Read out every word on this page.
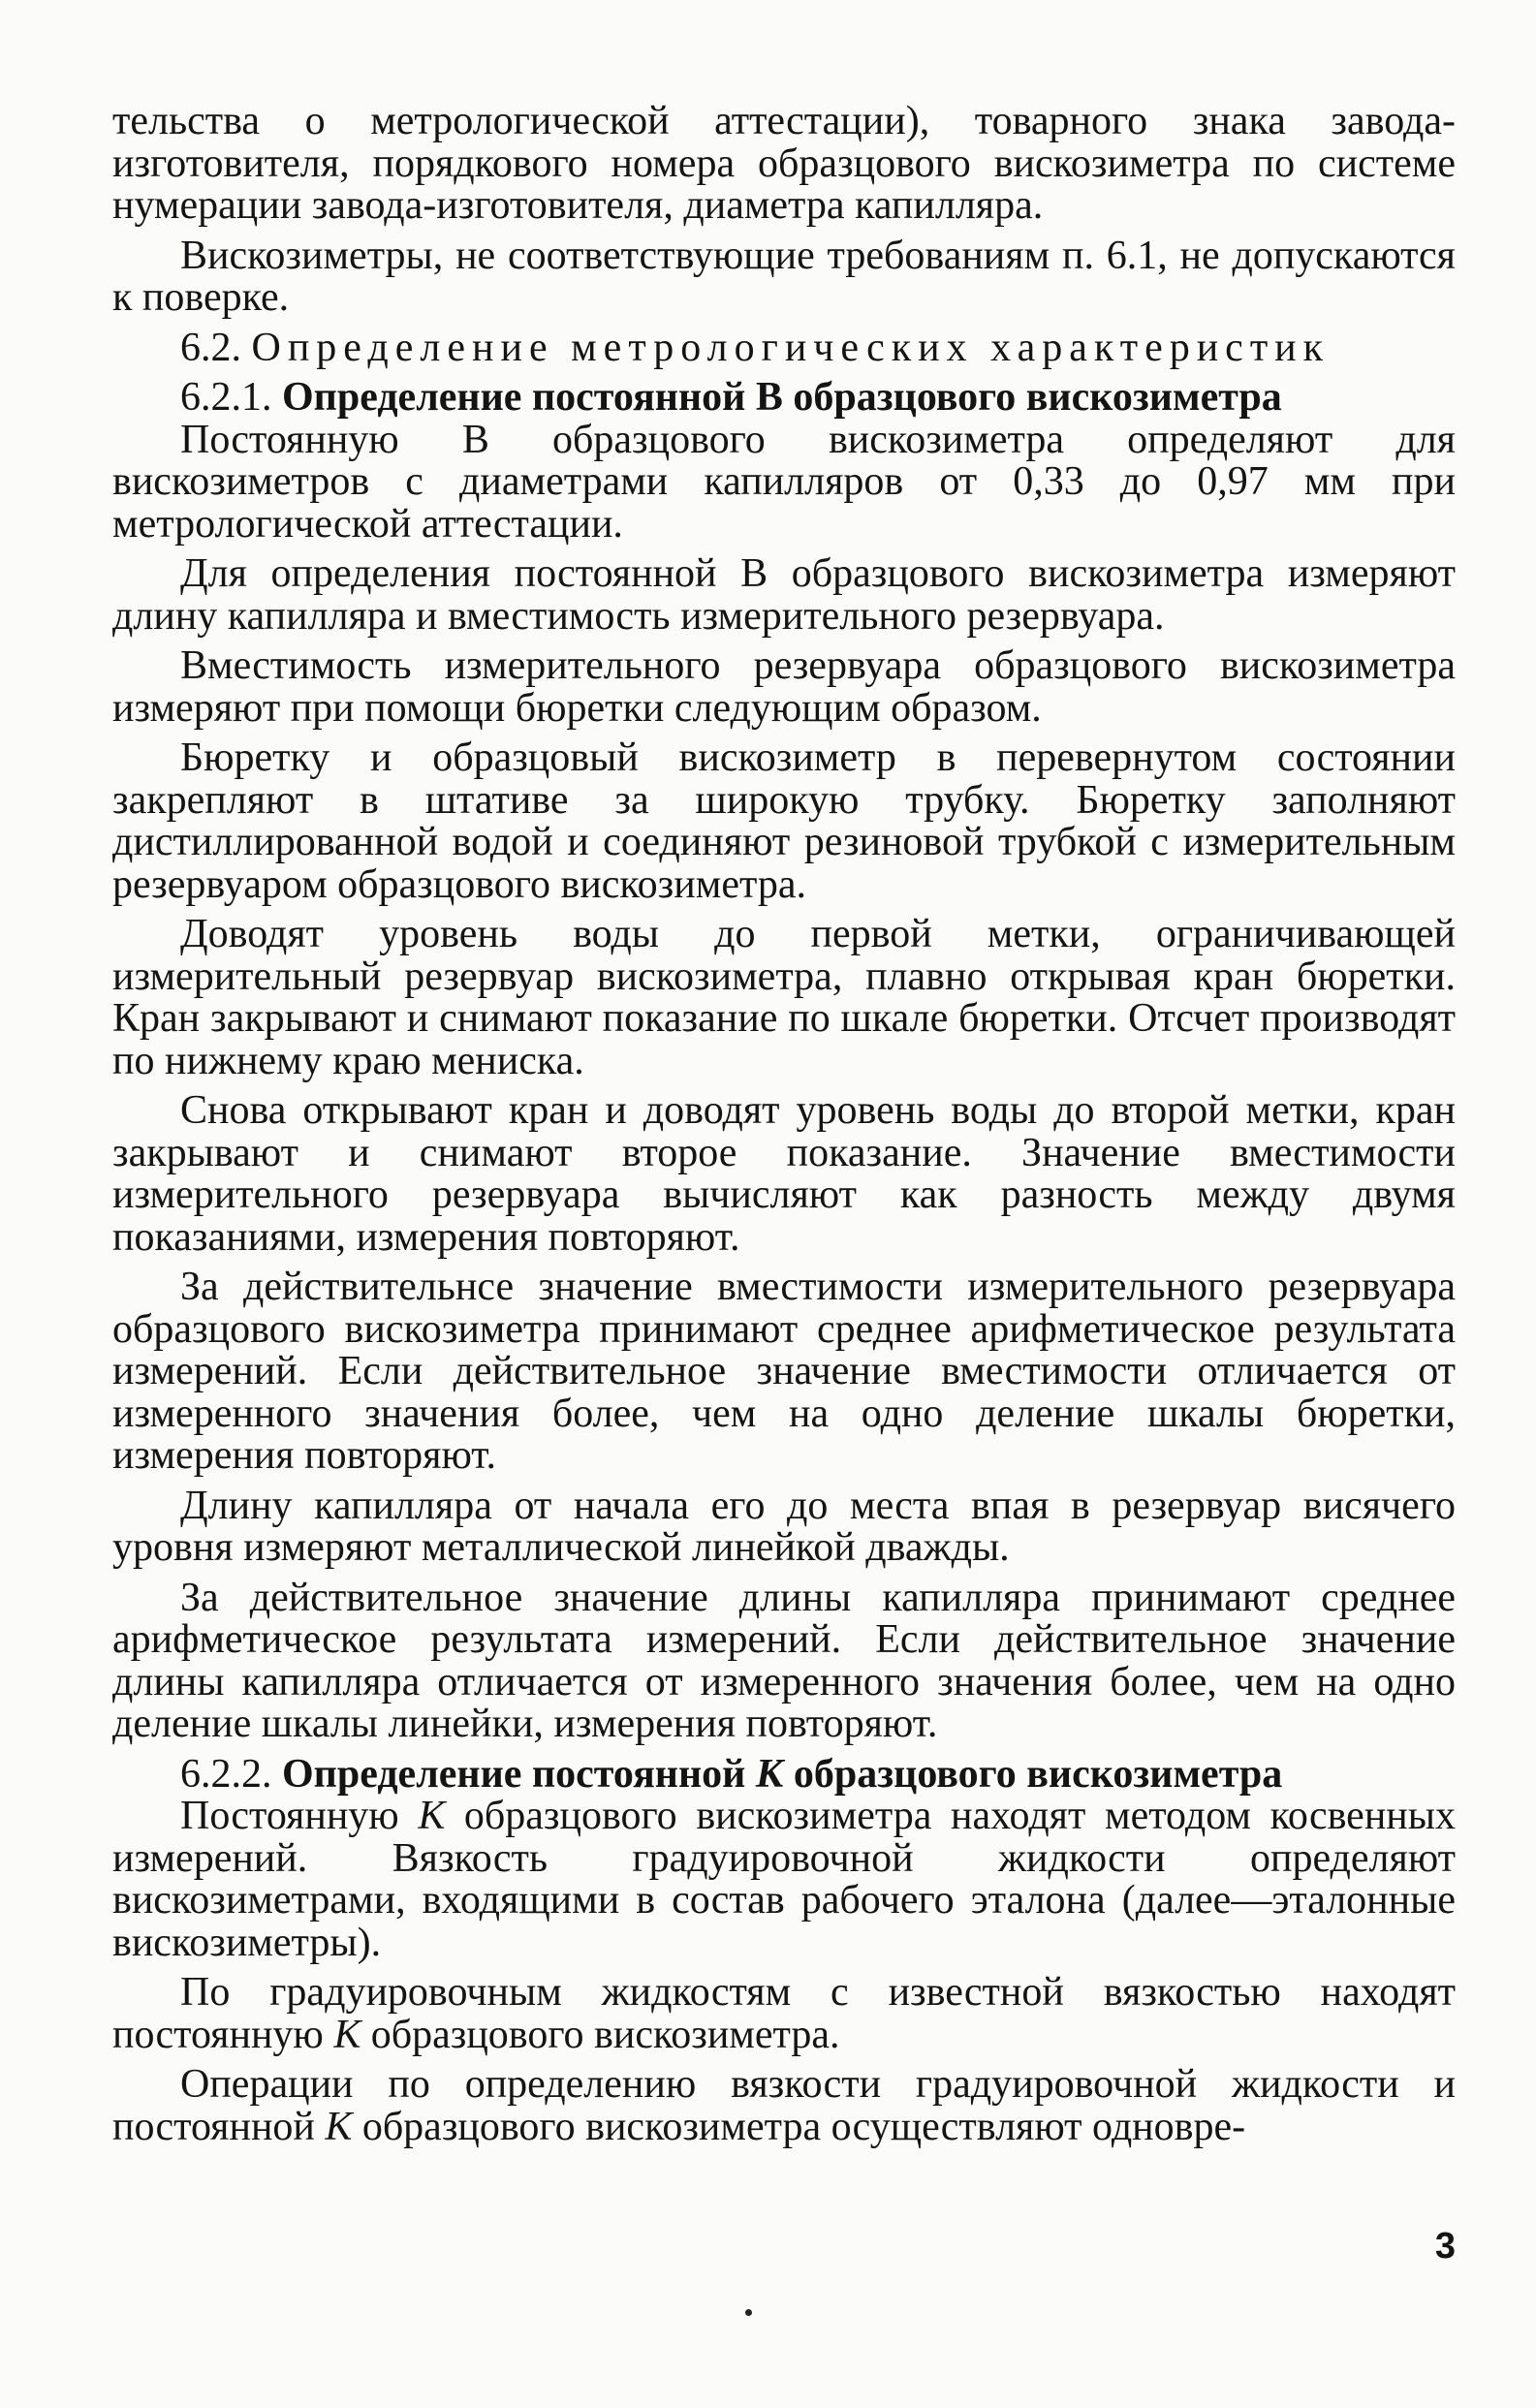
тельства о метрологической аттестации), товарного знака завода-изготовителя, порядкового номера образцового вискозиметра по системе нумерации завода-изготовителя, диаметра капилляра.

Вискозиметры, не соответствующие требованиям п. 6.1, не допускаются к поверке.

6.2. Определение метрологических характеристик

6.2.1. Определение постоянной В образцового вискозиметра

Постоянную В образцового вискозиметра определяют для вискозиметров с диаметрами капилляров от 0,33 до 0,97 мм при метрологической аттестации.

Для определения постоянной В образцового вискозиметра измеряют длину капилляра и вместимость измерительного резервуара.

Вместимость измерительного резервуара образцового вискозиметра измеряют при помощи бюретки следующим образом.

Бюретку и образцовый вискозиметр в перевернутом состоянии закрепляют в штативе за широкую трубку. Бюретку заполняют дистиллированной водой и соединяют резиновой трубкой с измерительным резервуаром образцового вискозиметра.

Доводят уровень воды до первой метки, ограничивающей измерительный резервуар вискозиметра, плавно открывая кран бюретки. Кран закрывают и снимают показание по шкале бюретки. Отсчет производят по нижнему краю мениска.

Снова открывают кран и доводят уровень воды до второй метки, кран закрывают и снимают второе показание. Значение вместимости измерительного резервуара вычисляют как разность между двумя показаниями, измерения повторяют.

За действительнсе значение вместимости измерительного резервуара образцового вискозиметра принимают среднее арифметическое результата измерений. Если действительное значение вместимости отличается от измеренного значения более, чем на одно деление шкалы бюретки, измерения повторяют.

Длину капилляра от начала его до места впая в резервуар висячего уровня измеряют металлической линейкой дважды.

За действительное значение длины капилляра принимают среднее арифметическое результата измерений. Если действительное значение длины капилляра отличается от измеренного значения более, чем на одно деление шкалы линейки, измерения повторяют.

6.2.2. Определение постоянной К образцового вискозиметра

Постоянную К образцового вискозиметра находят методом косвенных измерений. Вязкость градуировочной жидкости определяют вискозиметрами, входящими в состав рабочего эталона (далее—эталонные вискозиметры).

По градуировочным жидкостям с известной вязкостью находят постоянную К образцового вискозиметра.

Операции по определению вязкости градуировочной жидкости и постоянной К образцового вискозиметра осуществляют одновре-

3
